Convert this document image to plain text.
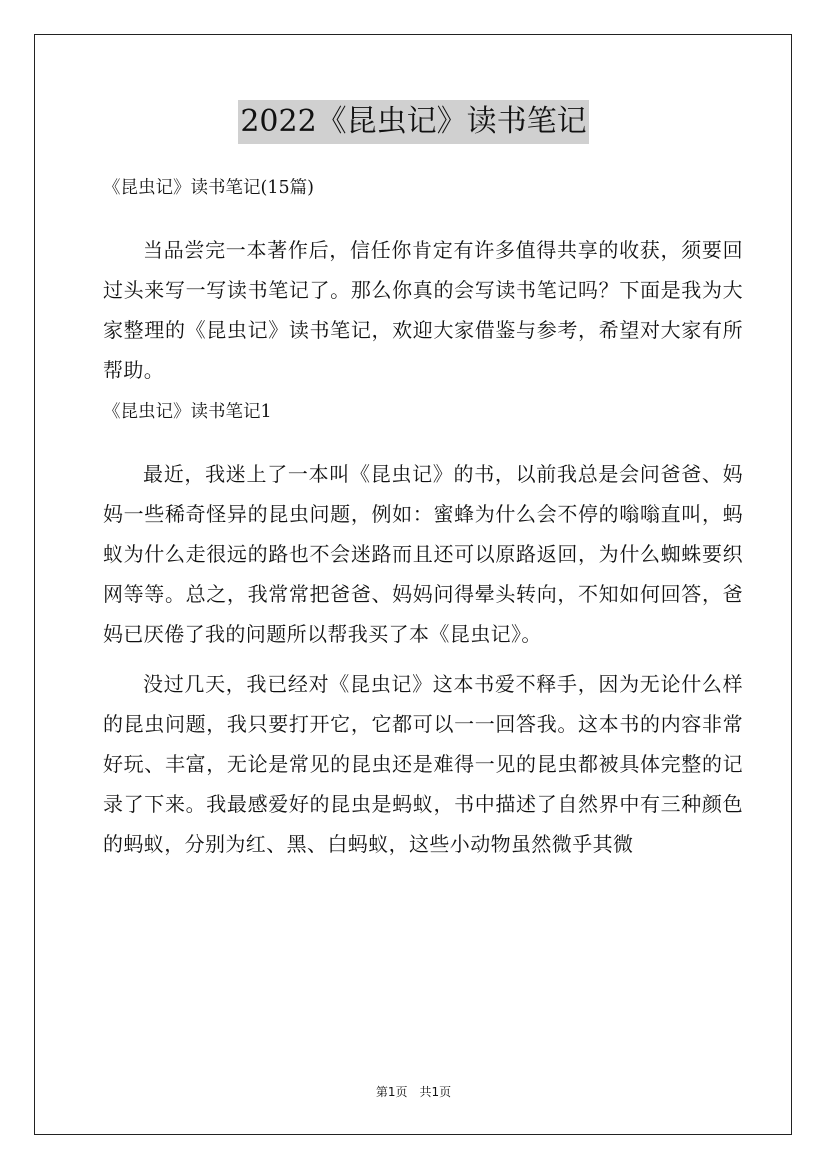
2022《昆虫记》读书笔记

《昆虫记》读书笔记(15篇)

当品尝完一本著作后，信任你肯定有许多值得共享的收获，须要回过头来写一写读书笔记了。那么你真的会写读书笔记吗？下面是我为大家整理的《昆虫记》读书笔记，欢迎大家借鉴与参考，希望对大家有所帮助。

《昆虫记》读书笔记1

最近，我迷上了一本叫《昆虫记》的书，以前我总是会问爸爸、妈妈一些稀奇怪异的昆虫问题，例如：蜜蜂为什么会不停的嗡嗡直叫，蚂蚁为什么走很远的路也不会迷路而且还可以原路返回，为什么蜘蛛要织网等等。总之，我常常把爸爸、妈妈问得晕头转向，不知如何回答，爸妈已厌倦了我的问题所以帮我买了本《昆虫记》。

没过几天，我已经对《昆虫记》这本书爱不释手，因为无论什么样的昆虫问题，我只要打开它，它都可以一一回答我。这本书的内容非常好玩、丰富，无论是常见的昆虫还是难得一见的昆虫都被具体完整的记录了下来。我最感爱好的昆虫是蚂蚁，书中描述了自然界中有三种颜色的蚂蚁，分别为红、黑、白蚂蚁，这些小动物虽然微乎其微

第1页　共1页
